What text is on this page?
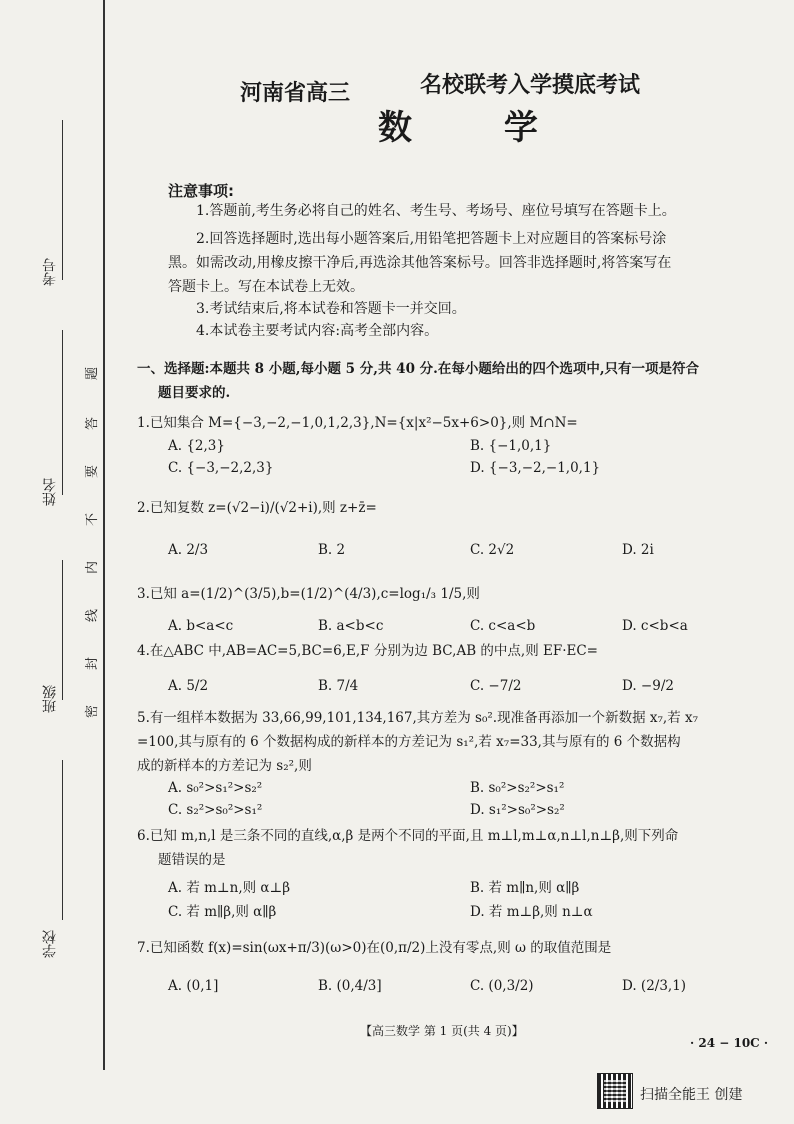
考号
姓名
班级
学校
题
答
要
不
内
线
封
密
河南省高三	名校联考入学摸底考试
数 学
注意事项:
1.答题前,考生务必将自己的姓名、考生号、考场号、座位号填写在答题卡上。
2.回答选择题时,选出每小题答案后,用铅笔把答题卡上对应题目的答案标号涂
黑。如需改动,用橡皮擦干净后,再选涂其他答案标号。回答非选择题时,将答案写在
答题卡上。写在本试卷上无效。
3.考试结束后,将本试卷和答题卡一并交回。
4.本试卷主要考试内容:高考全部内容。
一、选择题:本题共 8 小题,每小题 5 分,共 40 分.在每小题给出的四个选项中,只有一项是符合
题目要求的.
1.已知集合 M={−3,−2,−1,0,1,2,3},N={x|x²−5x+6>0},则 M∩N=
A. {2,3}	B. {−1,0,1}
C. {−3,−2,2,3}	D. {−3,−2,−1,0,1}
2.已知复数 z=(√2−i)/(√2+i),则 z+z̄=
A. 2/3	B. 2	C. 2√2	D. 2i
3.已知 a=(1/2)^(3/5),b=(1/2)^(4/3),c=log₁/₃ 1/5,则
A. b<a<c	B. a<b<c	C. c<a<b	D. c<b<a
4.在△ABC 中,AB=AC=5,BC=6,E,F 分别为边 BC,AB 的中点,则 EF·EC=
A. 5/2	B. 7/4	C. −7/2	D. −9/2
5.有一组样本数据为 33,66,99,101,134,167,其方差为 s₀².现准备再添加一个新数据 x₇,若 x₇
=100,其与原有的 6 个数据构成的新样本的方差记为 s₁²,若 x₇=33,其与原有的 6 个数据构
成的新样本的方差记为 s₂²,则
A. s₀²>s₁²>s₂²	B. s₀²>s₂²>s₁²
C. s₂²>s₀²>s₁²	D. s₁²>s₀²>s₂²
6.已知 m,n,l 是三条不同的直线,α,β 是两个不同的平面,且 m⊥l,m⊥α,n⊥l,n⊥β,则下列命
题错误的是
A. 若 m⊥n,则 α⊥β	B. 若 m∥n,则 α∥β
C. 若 m∥β,则 α∥β	D. 若 m⊥β,则 n⊥α
7.已知函数 f(x)=sin(ωx+π/3)(ω>0)在(0,π/2)上没有零点,则 ω 的取值范围是
A. (0,1]	B. (0,4/3]	C. (0,3/2)	D. (2/3,1)
【高三数学 第 1 页(共 4 页)】
· 24 − 10C ·
扫描全能王 创建
